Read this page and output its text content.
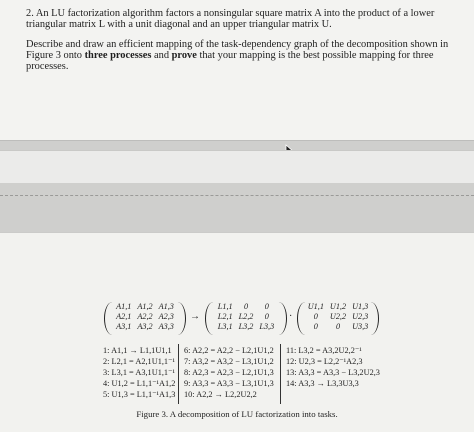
2. An LU factorization algorithm factors a nonsingular square matrix A into the product of a lower triangular matrix L with a unit diagonal and an upper triangular matrix U.

Describe and draw an efficient mapping of the task-dependency graph of the decomposition shown in Figure 3 onto three processes and prove that your mapping is the best possible mapping for three processes.

A1,1	A1,2	A1,3
A2,1	A2,2	A2,3
A3,1	A3,2	A3,3
→
L1,1	0	0
L2,1	L2,2	0
L3,1	L3,2	L3,3
·
U1,1	U1,2	U1,3
0	U2,2	U2,3
0	0	U3,3
1: A1,1 → L1,1U1,1
2: L2,1 = A2,1U1,1⁻¹
3: L3,1 = A3,1U1,1⁻¹
4: U1,2 = L1,1⁻¹A1,2
5: U1,3 = L1,1⁻¹A1,3
6: A2,2 = A2,2 − L2,1U1,2
7: A3,2 = A3,2 − L3,1U1,2
8: A2,3 = A2,3 − L2,1U1,3
9: A3,3 = A3,3 − L3,1U1,3
10: A2,2 → L2,2U2,2
11: L3,2 = A3,2U2,2⁻¹
12: U2,3 = L2,2⁻¹A2,3
13: A3,3 = A3,3 − L3,2U2,3
14: A3,3 → L3,3U3,3
Figure 3. A decomposition of LU factorization into tasks.
